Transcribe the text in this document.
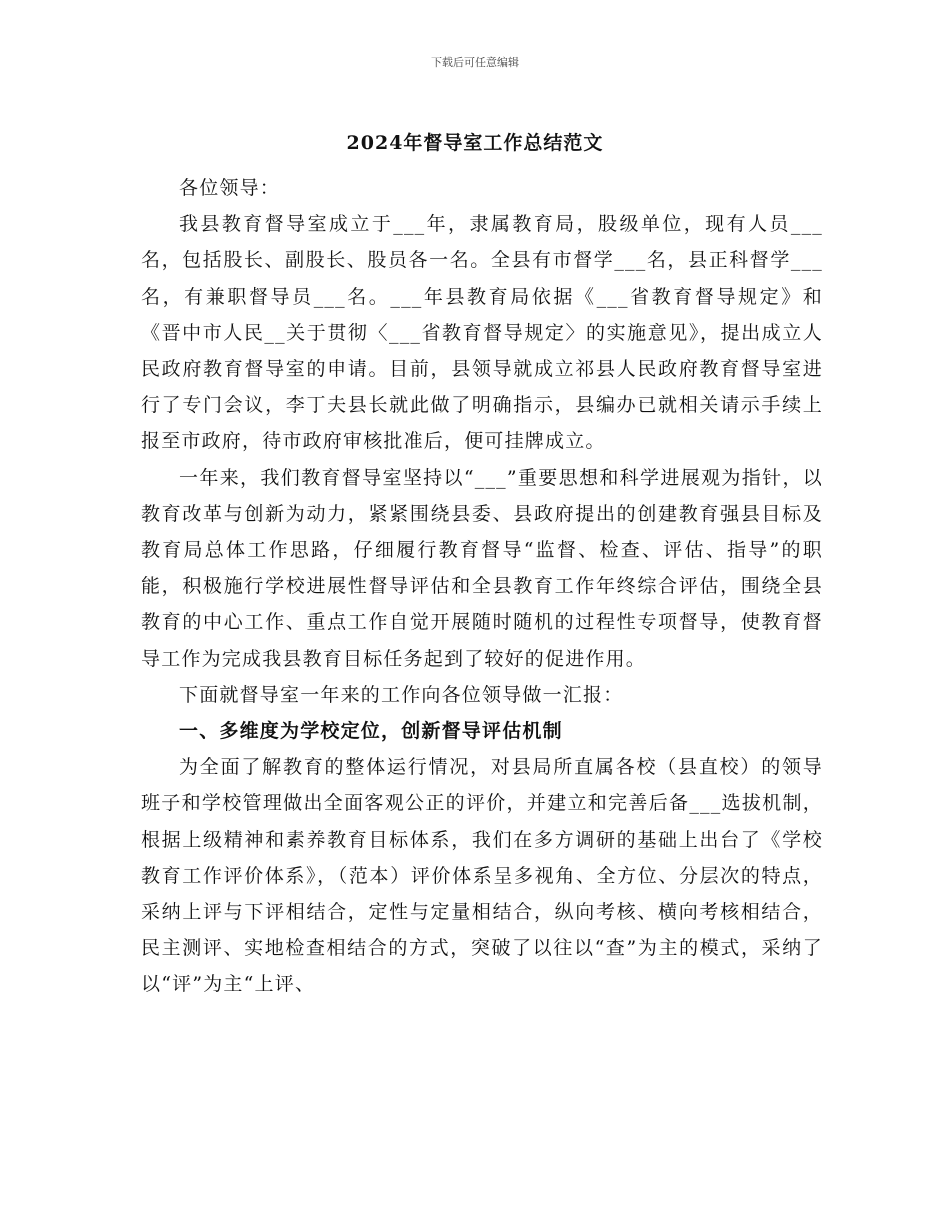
下载后可任意编辑
2024年督导室工作总结范文

各位领导：

我县教育督导室成立于___年，隶属教育局，股级单位，现有人员___名，包括股长、副股长、股员各一名。全县有市督学___名，县正科督学___名，有兼职督导员___名。___年县教育局依据《___省教育督导规定》和《晋中市人民__关于贯彻〈___省教育督导规定〉的实施意见》，提出成立人民政府教育督导室的申请。目前，县领导就成立祁县人民政府教育督导室进行了专门会议，李丁夫县长就此做了明确指示，县编办已就相关请示手续上报至市政府，待市政府审核批准后，便可挂牌成立。

一年来，我们教育督导室坚持以“___”重要思想和科学进展观为指针，以教育改革与创新为动力，紧紧围绕县委、县政府提出的创建教育强县目标及教育局总体工作思路，仔细履行教育督导“监督、检查、评估、指导”的职能，积极施行学校进展性督导评估和全县教育工作年终综合评估，围绕全县教育的中心工作、重点工作自觉开展随时随机的过程性专项督导，使教育督导工作为完成我县教育目标任务起到了较好的促进作用。

下面就督导室一年来的工作向各位领导做一汇报：

一、多维度为学校定位，创新督导评估机制

为全面了解教育的整体运行情况，对县局所直属各校（县直校）的领导班子和学校管理做出全面客观公正的评价，并建立和完善后备___选拔机制，根据上级精神和素养教育目标体系，我们在多方调研的基础上出台了《学校教育工作评价体系》，（范本）评价体系呈多视角、全方位、分层次的特点，采纳上评与下评相结合，定性与定量相结合，纵向考核、横向考核相结合，民主测评、实地检查相结合的方式，突破了以往以“查”为主的模式，采纳了以“评”为主“上评、
